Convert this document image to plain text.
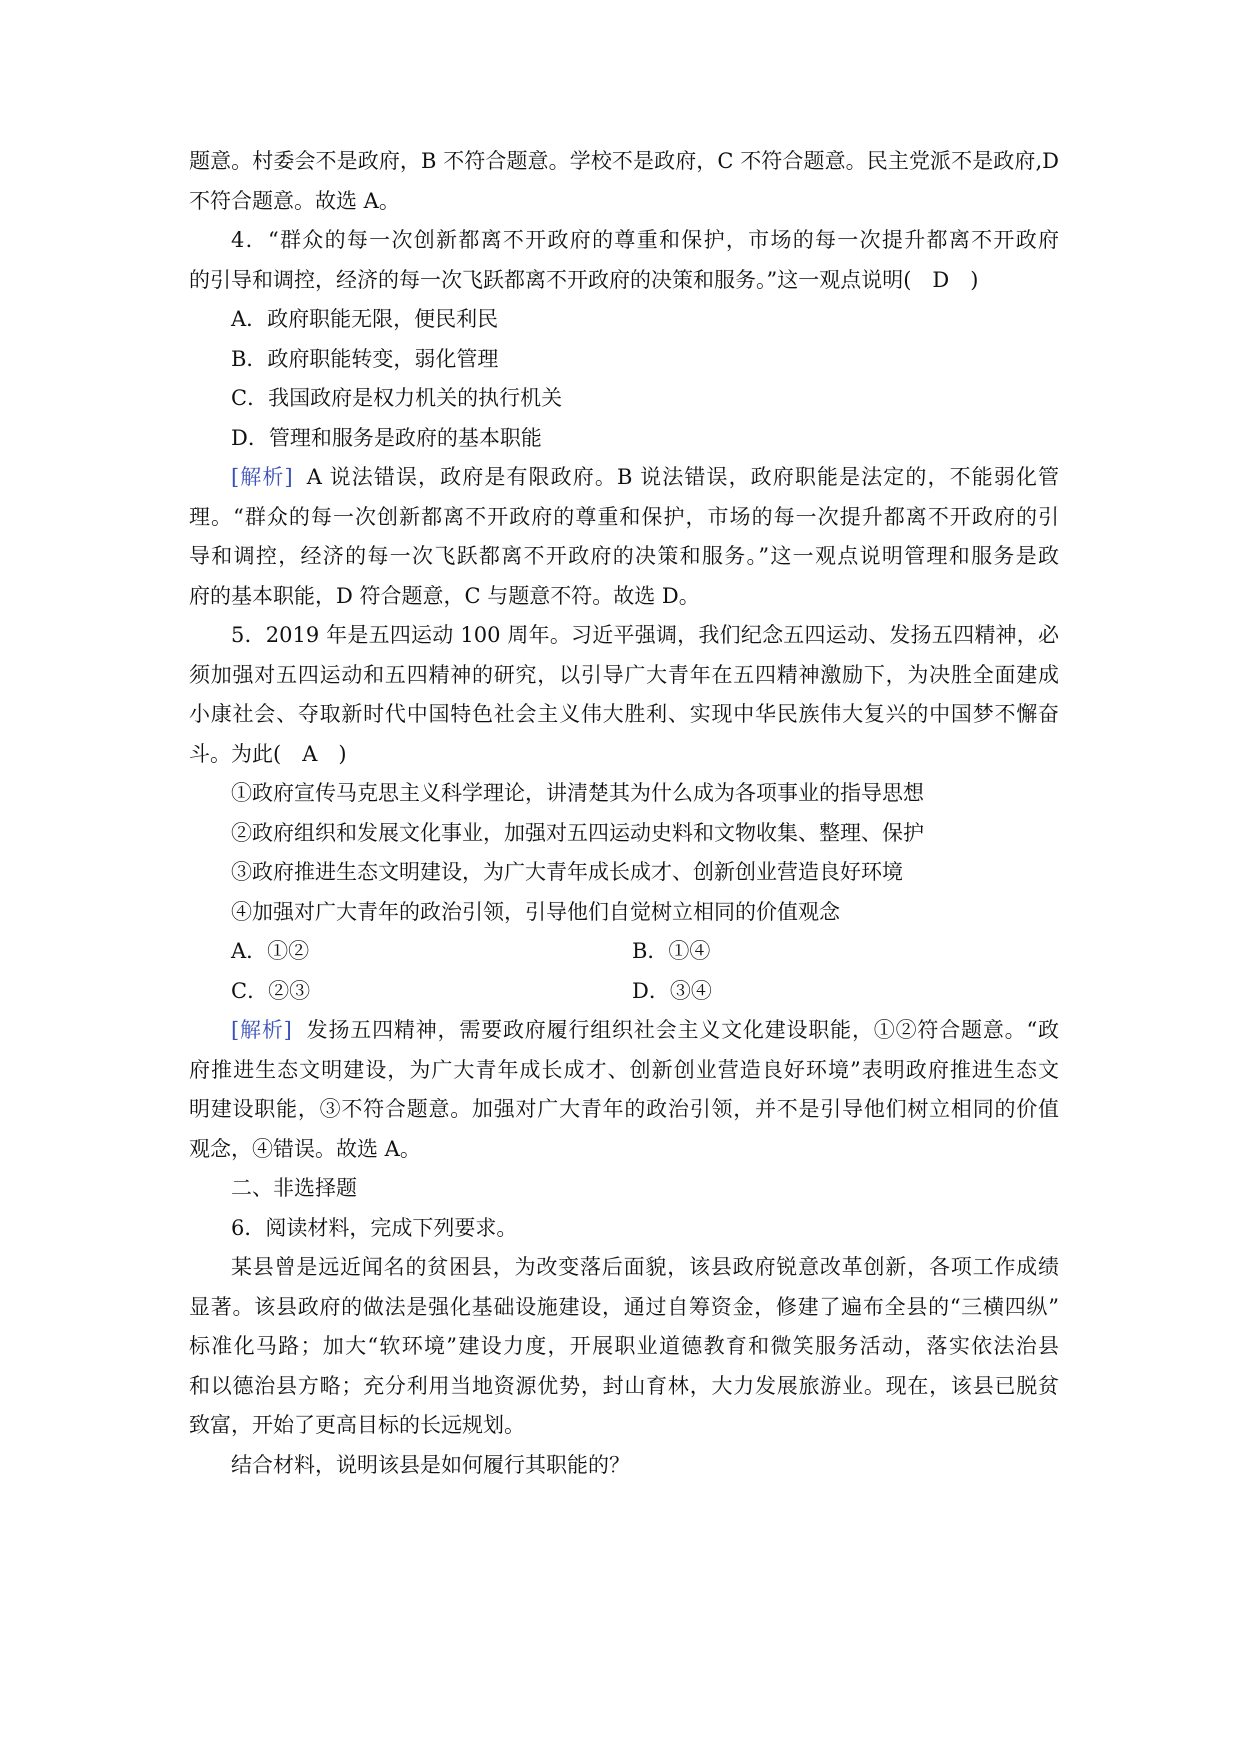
题意。村委会不是政府，B 不符合题意。学校不是政府，C 不符合题意。民主党派不是政府,D
不符合题意。故选 A。
4．“群众的每一次创新都离不开政府的尊重和保护，市场的每一次提升都离不开政府
的引导和调控，经济的每一次飞跃都离不开政府的决策和服务。”这一观点说明(　D　)
A．政府职能无限，便民利民
B．政府职能转变，弱化管理
C．我国政府是权力机关的执行机关
D．管理和服务是政府的基本职能
[解析] A 说法错误，政府是有限政府。B 说法错误，政府职能是法定的，不能弱化管
理。“群众的每一次创新都离不开政府的尊重和保护，市场的每一次提升都离不开政府的引
导和调控，经济的每一次飞跃都离不开政府的决策和服务。”这一观点说明管理和服务是政
府的基本职能，D 符合题意，C 与题意不符。故选 D。
5．2019 年是五四运动 100 周年。习近平强调，我们纪念五四运动、发扬五四精神，必
须加强对五四运动和五四精神的研究，以引导广大青年在五四精神激励下，为决胜全面建成
小康社会、夺取新时代中国特色社会主义伟大胜利、实现中华民族伟大复兴的中国梦不懈奋
斗。为此(　A　)
①政府宣传马克思主义科学理论，讲清楚其为什么成为各项事业的指导思想
②政府组织和发展文化事业，加强对五四运动史料和文物收集、整理、保护
③政府推进生态文明建设，为广大青年成长成才、创新创业营造良好环境
④加强对广大青年的政治引领，引导他们自觉树立相同的价值观念
A．①②	B．①④
C．②③	D．③④
[解析] 发扬五四精神，需要政府履行组织社会主义文化建设职能，①②符合题意。“政
府推进生态文明建设，为广大青年成长成才、创新创业营造良好环境”表明政府推进生态文
明建设职能，③不符合题意。加强对广大青年的政治引领，并不是引导他们树立相同的价值
观念，④错误。故选 A。
二、非选择题
6．阅读材料，完成下列要求。
某县曾是远近闻名的贫困县，为改变落后面貌，该县政府锐意改革创新，各项工作成绩
显著。该县政府的做法是强化基础设施建设，通过自筹资金，修建了遍布全县的“三横四纵”
标准化马路；加大“软环境”建设力度，开展职业道德教育和微笑服务活动，落实依法治县
和以德治县方略；充分利用当地资源优势，封山育林，大力发展旅游业。现在，该县已脱贫
致富，开始了更高目标的长远规划。
结合材料，说明该县是如何履行其职能的？
